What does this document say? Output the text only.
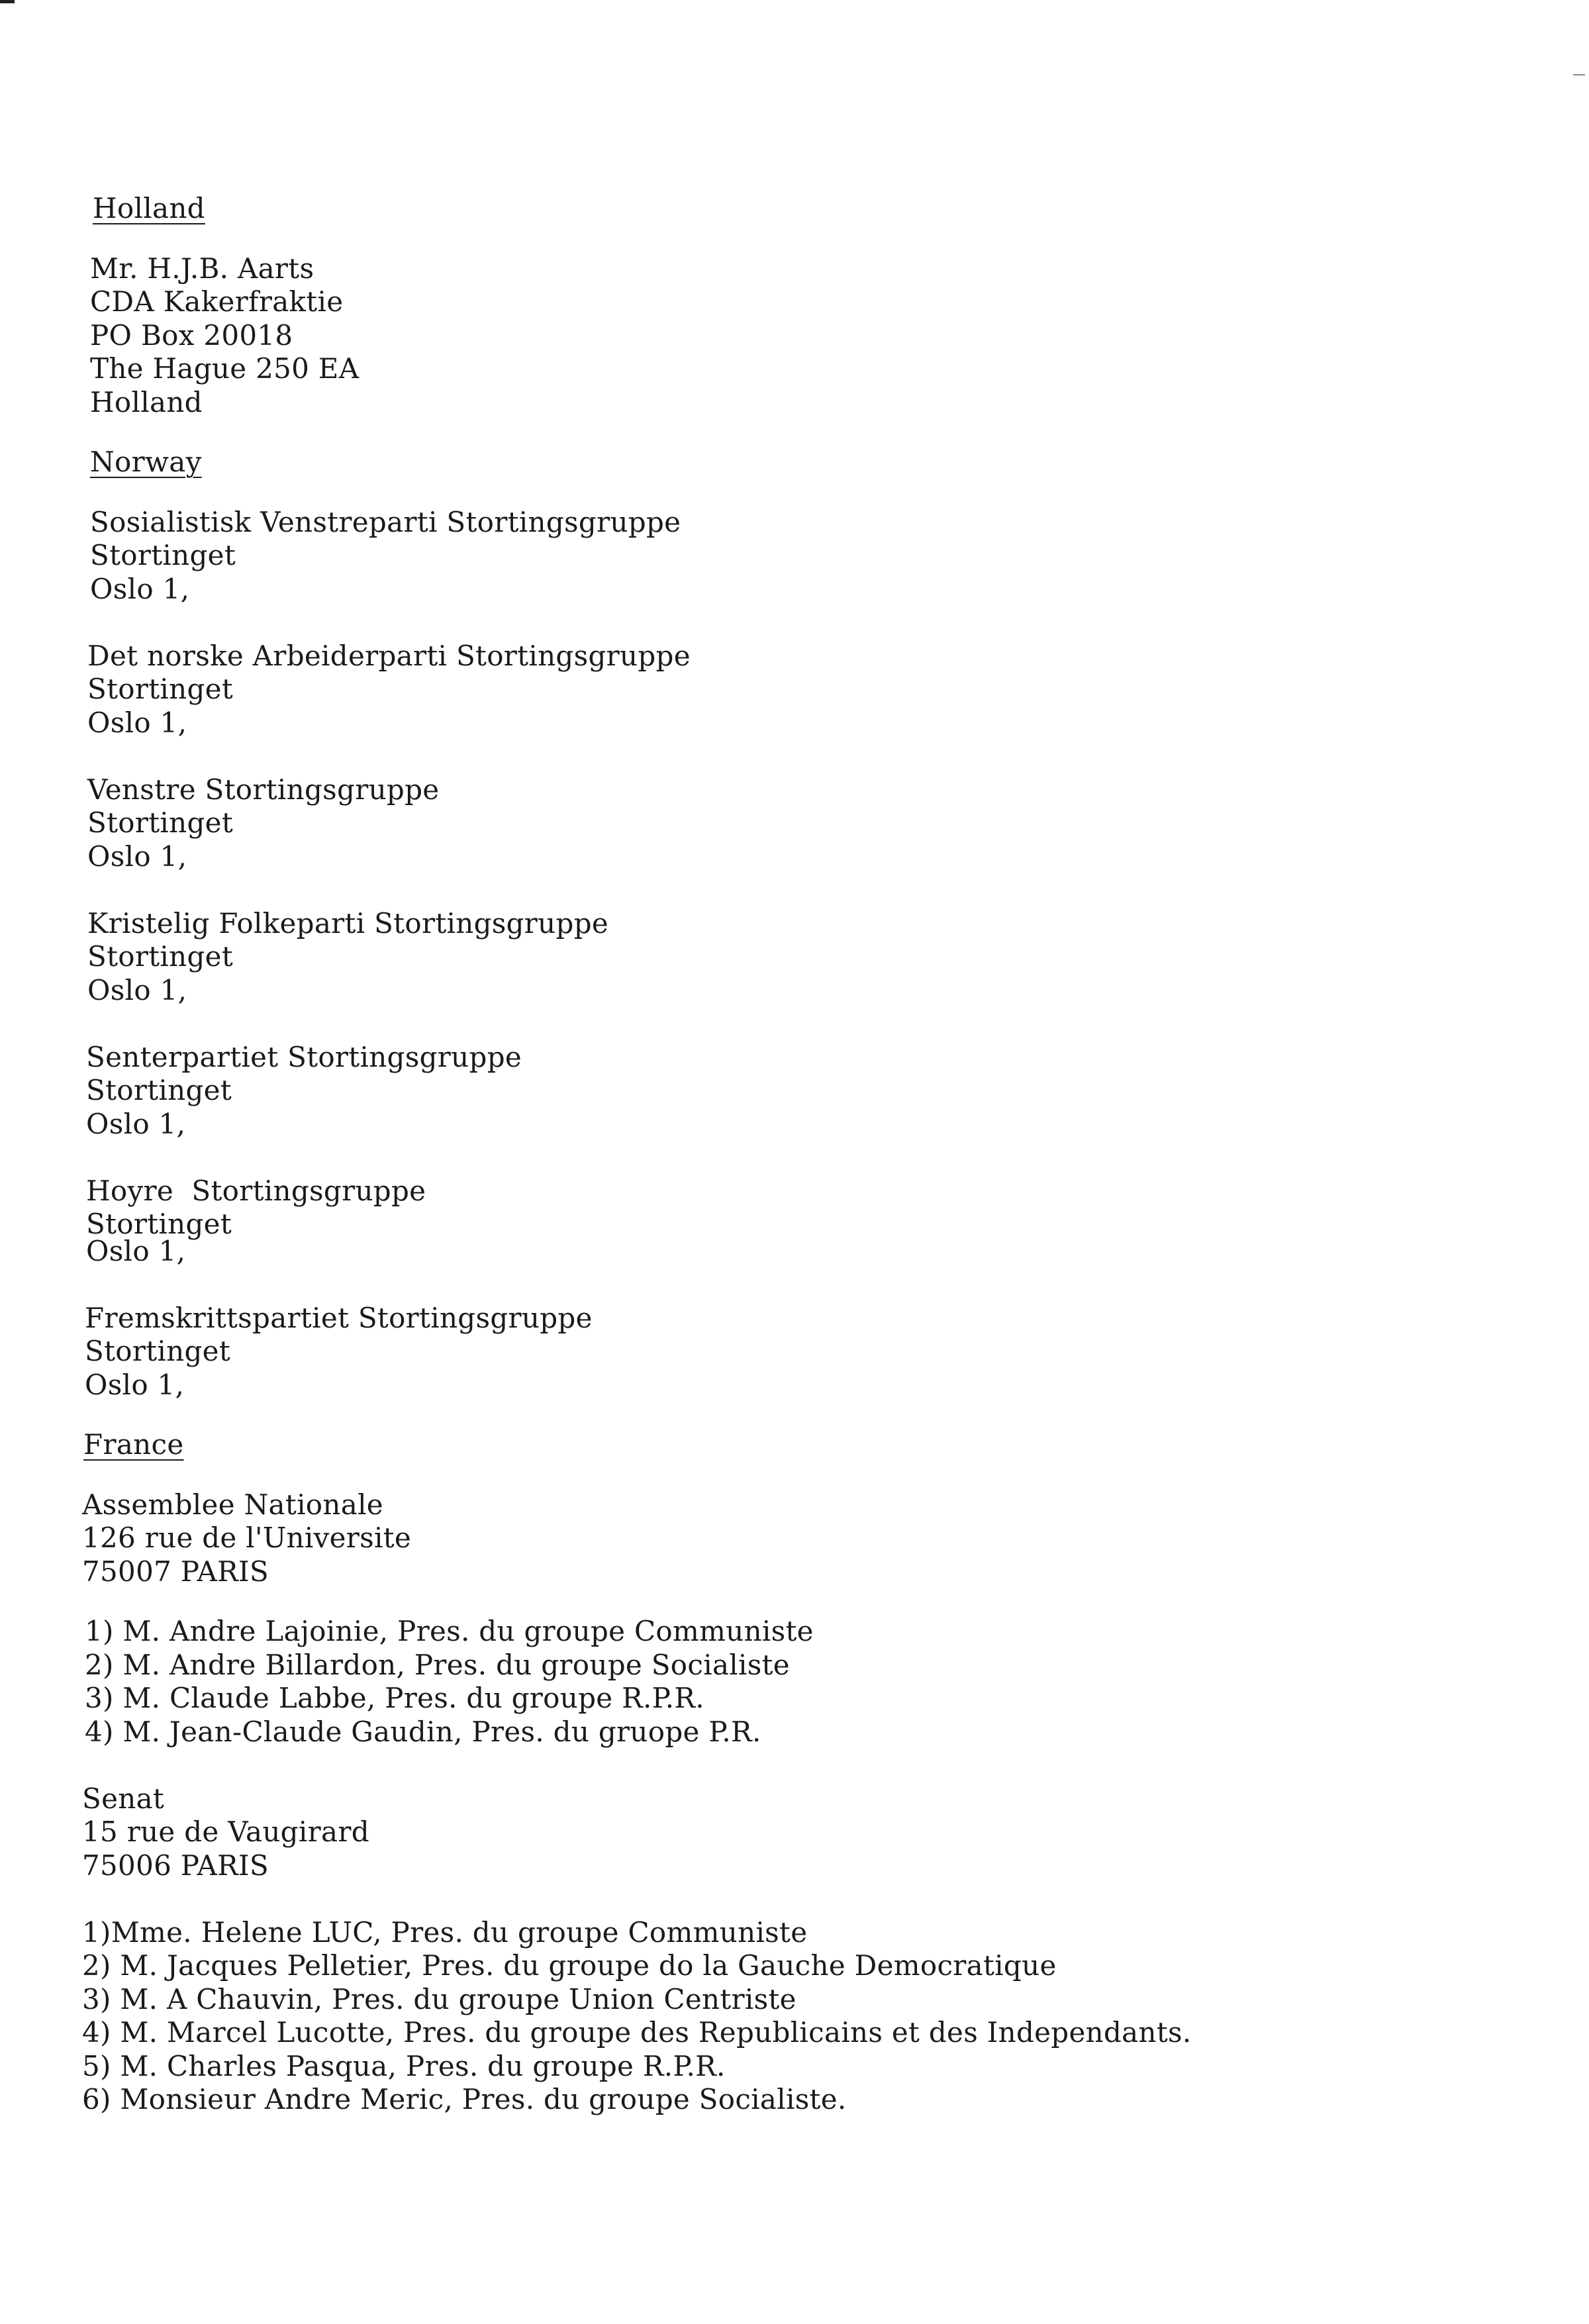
Holland
Mr. H.J.B. Aarts
CDA Kakerfraktie
PO Box 20018
The Hague 250 EA
Holland
Norway
Sosialistisk Venstreparti Stortingsgruppe
Stortinget
Oslo 1,
Det norske Arbeiderparti Stortingsgruppe
Stortinget
Oslo 1,
Venstre Stortingsgruppe
Stortinget
Oslo 1,
Kristelig Folkeparti Stortingsgruppe
Stortinget
Oslo 1,
Senterpartiet Stortingsgruppe
Stortinget
Oslo 1,
Hoyre  Stortingsgruppe
Stortinget
Oslo 1,
Fremskrittspartiet Stortingsgruppe
Stortinget
Oslo 1,
France
Assemblee Nationale
126 rue de l'Universite
75007 PARIS
1) M. Andre Lajoinie, Pres. du groupe Communiste
2) M. Andre Billardon, Pres. du groupe Socialiste
3) M. Claude Labbe, Pres. du groupe R.P.R.
4) M. Jean-Claude Gaudin, Pres. du gruope P.R.
Senat
15 rue de Vaugirard
75006 PARIS
1)Mme. Helene LUC, Pres. du groupe Communiste
2) M. Jacques Pelletier, Pres. du groupe do la Gauche Democratique
3) M. A Chauvin, Pres. du groupe Union Centriste
4) M. Marcel Lucotte, Pres. du groupe des Republicains et des Independants.
5) M. Charles Pasqua, Pres. du groupe R.P.R.
6) Monsieur Andre Meric, Pres. du groupe Socialiste.
